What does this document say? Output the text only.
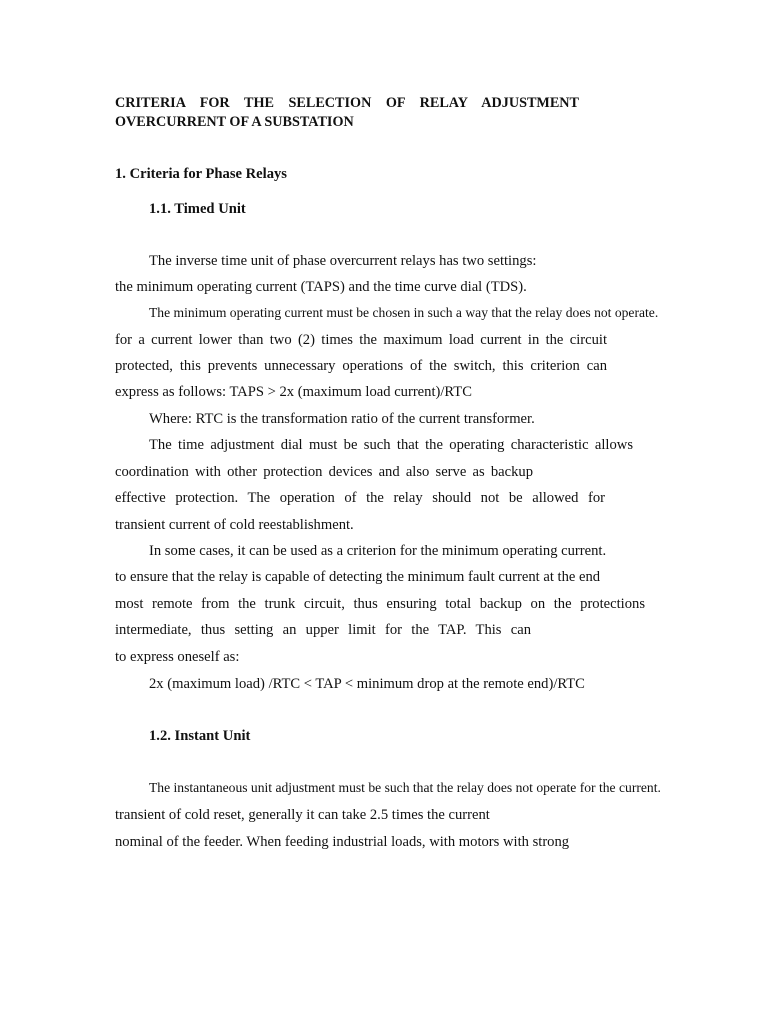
CRITERIA FOR THE SELECTION OF RELAY ADJUSTMENT
OVERCURRENT OF A SUBSTATION
1. Criteria for Phase Relays
1.1. Timed Unit
The inverse time unit of phase overcurrent relays has two settings:
the minimum operating current (TAPS) and the time curve dial (TDS).
The minimum operating current must be chosen in such a way that the relay does not operate.
for a current lower than two (2) times the maximum load current in the circuit
protected, this prevents unnecessary operations of the switch, this criterion can
express as follows: TAPS > 2x (maximum load current)/RTC
Where: RTC is the transformation ratio of the current transformer.
The time adjustment dial must be such that the operating characteristic allows
coordination with other protection devices and also serve as backup
effective protection. The operation of the relay should not be allowed for
transient current of cold reestablishment.
In some cases, it can be used as a criterion for the minimum operating current.
to ensure that the relay is capable of detecting the minimum fault current at the end
most remote from the trunk circuit, thus ensuring total backup on the protections
intermediate, thus setting an upper limit for the TAP. This can
to express oneself as:
2x (maximum load) /RTC < TAP < minimum drop at the remote end)/RTC
1.2. Instant Unit
The instantaneous unit adjustment must be such that the relay does not operate for the current.
transient of cold reset, generally it can take 2.5 times the current
nominal of the feeder. When feeding industrial loads, with motors with strong
